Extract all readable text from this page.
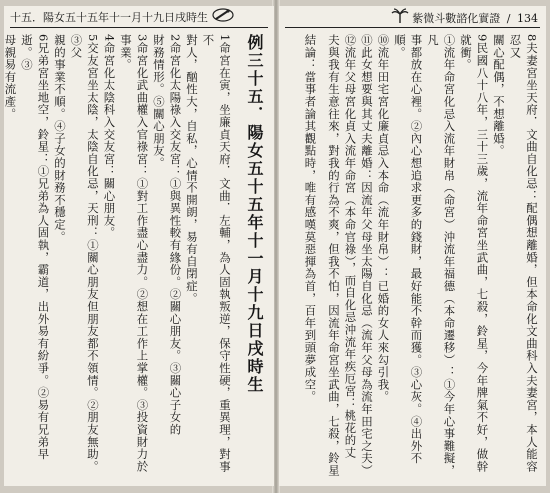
十五．陽女五十五年十一月十九日戌時生
例三十五．陽女五十五年十一月十九日戌時生
1命宮在寅，坐廉貞天府．文曲．左輔，為人固執叛逆，保守性硬，重異理，對事不
對人，酗性大，自私，心情不開朗，易有自閉症。
2命宮化太陽祿入交友宮：①與異性較有緣份。②關心朋友。③關心子女的
財務情形。⑤關心朋友。
3命宮化武曲權入官祿宮：①對工作盡心盡力。②想在工作上掌權。③投資財力於事業。
4命宮化太陰科入交友宮：關心朋友。
5交友宮坐太陰，太陰自化忌，天刑：①關心朋友但朋友都不領情。②朋友無助。③父
親的事業不順。④子女的財務不穩定。
6兄弟宮坐地空，鈴星：①兄弟為人固執，霸道，出外易有紛爭。②易有兄弟早逝。③
母親易有流產。
紫微斗數諮化實證 / 134
8夫妻宮坐天府．文曲自化忌：配偶想離婚，但本命化文曲科入夫妻宮，本人能容忍又
關心配偶，不想離婚。
9民國八十八年，三十三歲，流年命宮坐武曲，七殺，鈴星，今年牌氣不好，做幹就衝。
①流年命宮化忌入流年財帛（命宮）沖流年福德（本命遷移）：①今年心事難擬，凡
事都放在心裡。②內心想追求更多的錢財，最好能不幹而獲。③心灰。④出外不順。
⑩流年田宅宮化廉貞忌入本命（流年財帛）：已婚的女人來勾引我。
⑪此女想要與其丈夫離婚：因流年父母坐太陽自化忌（流年父母為流年田宅之夫）
⑫流年父母宮化貞入流年命宮（本命官祿），而自化忌沖流年疾厄宮：桃花的丈
夫與我有生意往來，對我的行為不爽，但我不怕，因流年命宮坐武曲，七殺，鈴星
結論：當事者論其觀點時，唯有感嘆莫惡揮為首，百年到頭夢成空。
